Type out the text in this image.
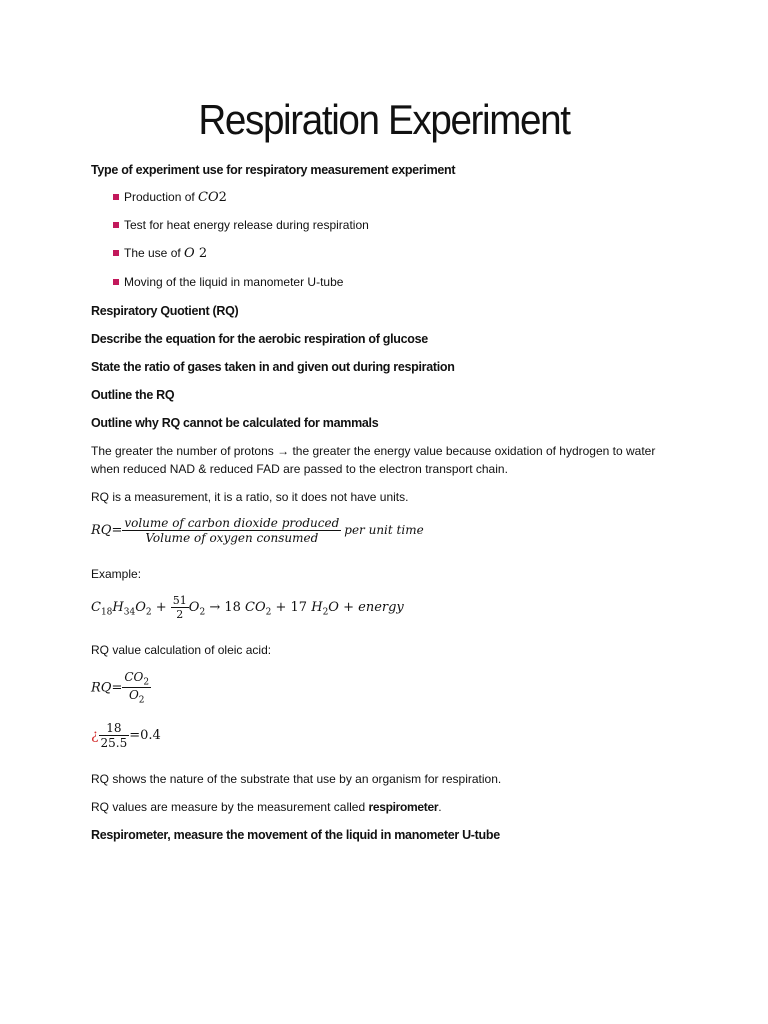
Respiration Experiment
Type of experiment use for respiratory measurement experiment
Production of CO2
Test for heat energy release during respiration
The use of O 2
Moving of the liquid in manometer U-tube
Respiratory Quotient (RQ)
Describe the equation for the aerobic respiration of glucose
State the ratio of gases taken in and given out during respiration
Outline the RQ
Outline why RQ cannot be calculated for mammals
The greater the number of protons → the greater the energy value because oxidation of hydrogen to water when reduced NAD & reduced FAD are passed to the electron transport chain.
RQ is a measurement, it is a ratio, so it does not have units.
$RQ= \frac{\text{volume of carbon dioxide produced}}{\text{Volume of oxygen consumed}}$ per unit time
Example:
$C_{18}H_{34}O_2 + \frac{51}{2} O_2 \to 18$ $CO_2 + 17$ $H_2O$ + energy
RQ value calculation of oleic acid:
$RQ= \frac{CO_2}{O_2}$
¿ $\frac{18}{25.5} =0.4$
RQ shows the nature of the substrate that use by an organism for respiration.
RQ values are measure by the measurement called respirometer.
Respirometer, measure the movement of the liquid in manometer U-tube
